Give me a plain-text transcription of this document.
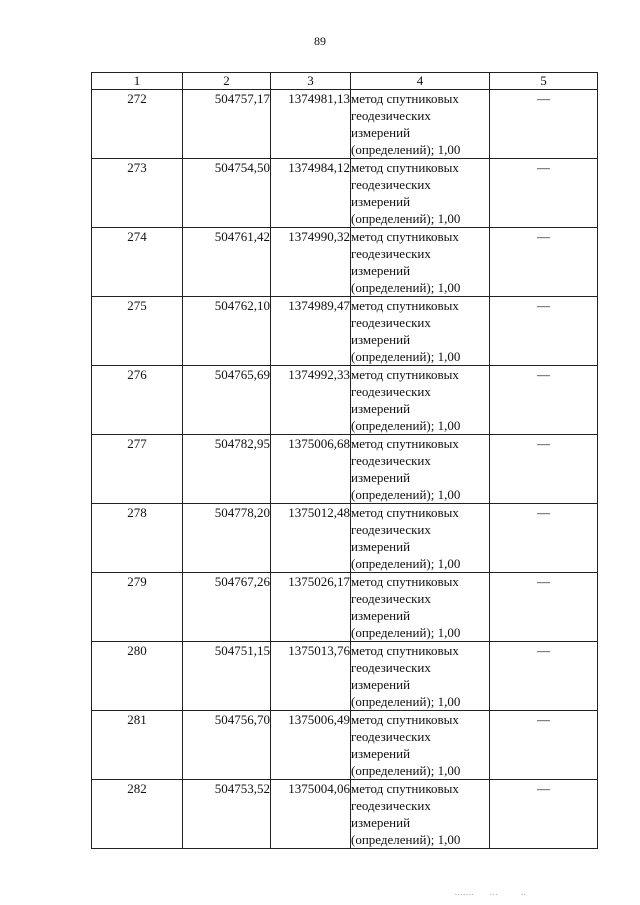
89
1	2	3	4	5
272	504757,17	1374981,13	метод спутниковых
геодезических
измерений
(определений); 1,00	—
273	504754,50	1374984,12	метод спутниковых
геодезических
измерений
(определений); 1,00	—
274	504761,42	1374990,32	метод спутниковых
геодезических
измерений
(определений); 1,00	—
275	504762,10	1374989,47	метод спутниковых
геодезических
измерений
(определений); 1,00	—
276	504765,69	1374992,33	метод спутниковых
геодезических
измерений
(определений); 1,00	—
277	504782,95	1375006,68	метод спутниковых
геодезических
измерений
(определений); 1,00	—
278	504778,20	1375012,48	метод спутниковых
геодезических
измерений
(определений); 1,00	—
279	504767,26	1375026,17	метод спутниковых
геодезических
измерений
(определений); 1,00	—
280	504751,15	1375013,76	метод спутниковых
геодезических
измерений
(определений); 1,00	—
281	504756,70	1375006,49	метод спутниковых
геодезических
измерений
(определений); 1,00	—
282	504753,52	1375004,06	метод спутниковых
геодезических
измерений
(определений); 1,00	—
▪▪▪▪▪▪▪       ▪▪▪          ▪▪
